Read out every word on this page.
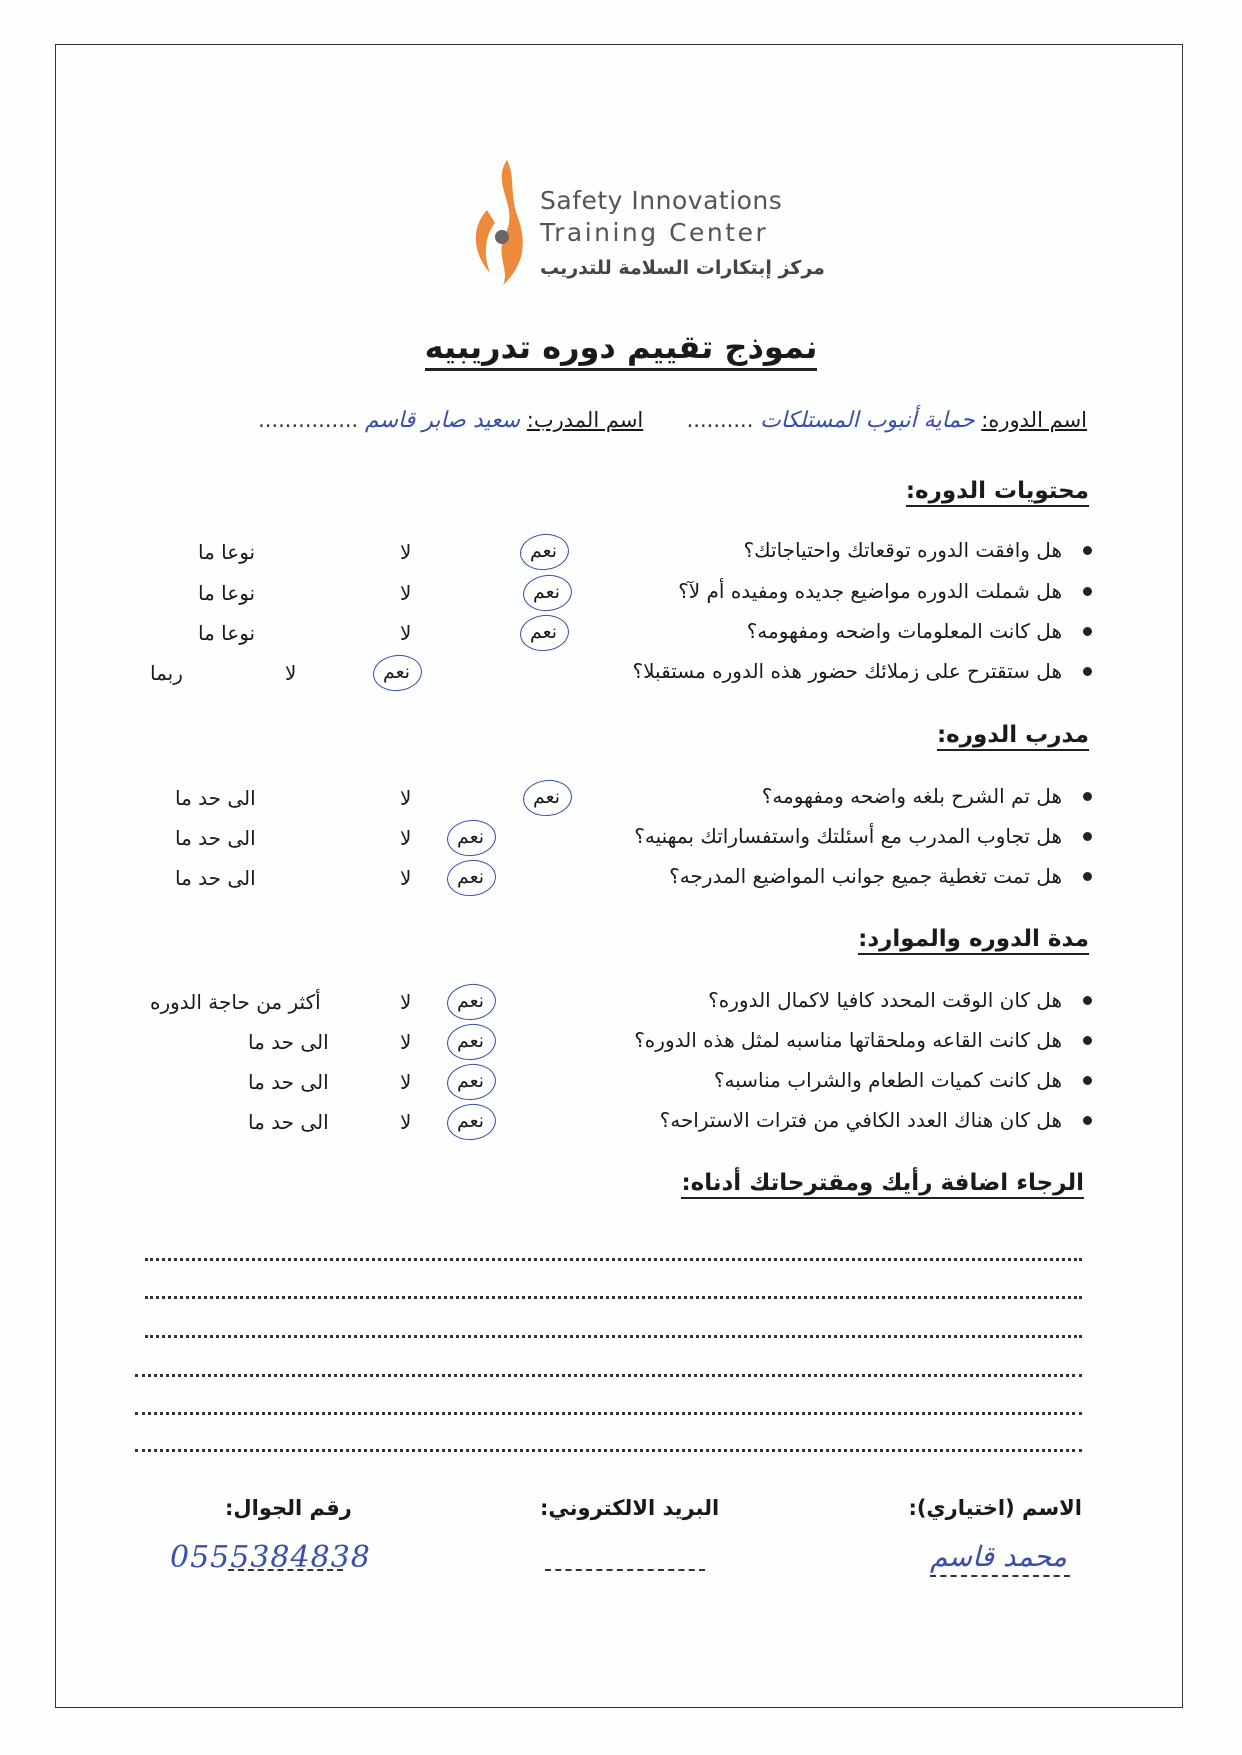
Safety Innovations
Training Center
مركز إبتكارات السلامة للتدريب
نموذج تقييم دوره تدريبيه
اسم الدوره: حماية أنبوب المستلكات ..........  اسم المدرب: سعيد صابر قاسم ...............
محتويات الدوره:
هل وافقت الدوره توقعاتك واحتياجاتك؟
نعم
لا
نوعا ما
هل شملت الدوره مواضيع جديده ومفيده أم لآ؟
نعم
لا
نوعا ما
هل كانت المعلومات واضحه ومفهومه؟
نعم
لا
نوعا ما
هل ستقترح على زملائك حضور هذه الدوره مستقبلا؟
نعم
لا
ربما
مدرب الدوره:
هل تم الشرح بلغه واضحه ومفهومه؟
نعم
لا
الى حد ما
هل تجاوب المدرب مع أسئلتك واستفساراتك بمهنيه؟
نعم
لا
الى حد ما
هل تمت تغطية جميع جوانب المواضيع المدرجه؟
نعم
لا
الى حد ما
مدة الدوره والموارد:
هل كان الوقت المحدد كافيا لاكمال الدوره؟
نعم
لا
أكثر من حاجة الدوره
هل كانت القاعه وملحقاتها مناسبه لمثل هذه الدوره؟
نعم
لا
الى حد ما
هل كانت كميات الطعام والشراب مناسبه؟
نعم
لا
الى حد ما
هل كان هناك العدد الكافي من فترات الاستراحه؟
نعم
لا
الى حد ما
الرجاء اضافة رأيك ومقترحاتك أدناه:
الاسم (اختياري):
محمد قاسم
البريد الالكتروني:
رقم الجوال:
0555384838
